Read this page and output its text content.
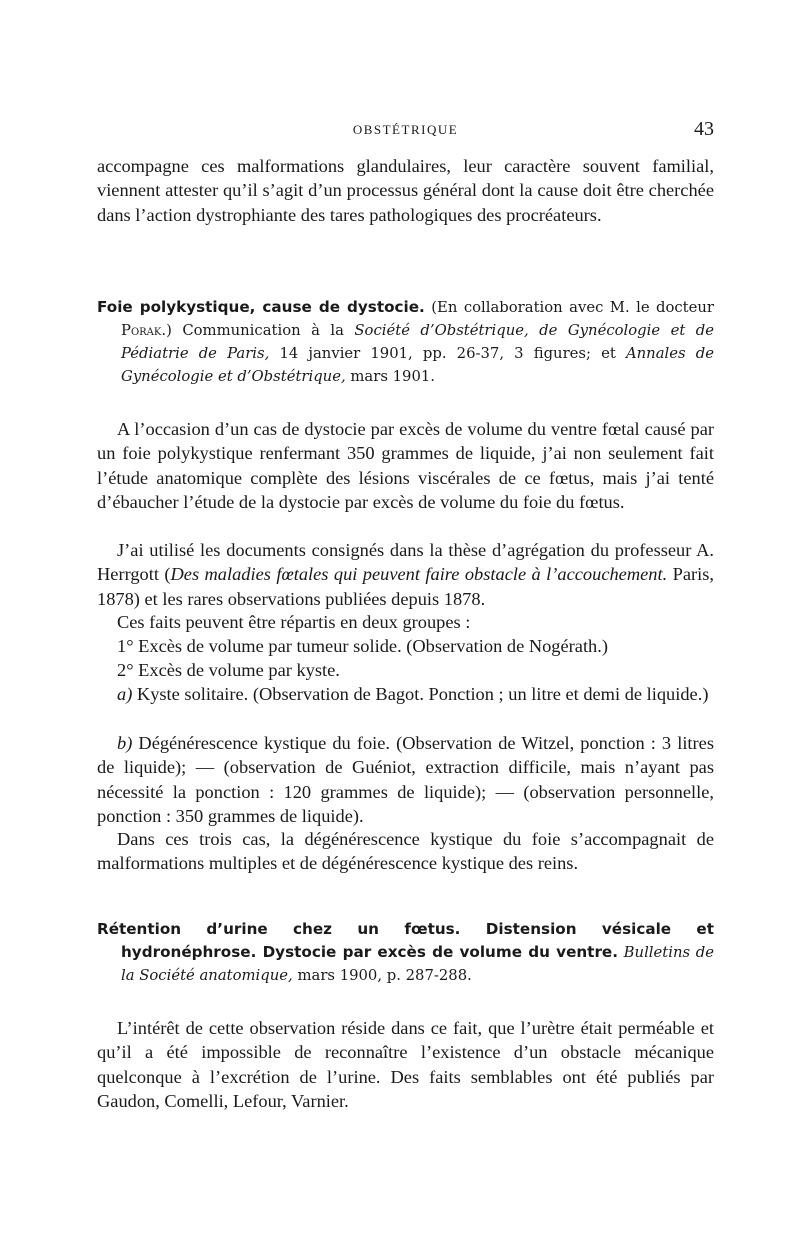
OBSTÉTRIQUE	43

accompagne ces malformations glandulaires, leur caractère souvent familial, viennent attester qu’il s’agit d’un processus général dont la cause doit être cherchée dans l’action dystrophiante des tares pathologiques des procréateurs.

Foie polykystique, cause de dystocie. (En collaboration avec M. le docteur Porak.) Communication à la Société d’Obstétrique, de Gynécologie et de Pédiatrie de Paris, 14 janvier 1901, pp. 26-37, 3 figures; et Annales de Gynécologie et d’Obstétrique, mars 1901.

A l’occasion d’un cas de dystocie par excès de volume du ventre fœtal causé par un foie polykystique renfermant 350 grammes de liquide, j’ai non seulement fait l’étude anatomique complète des lésions viscérales de ce fœtus, mais j’ai tenté d’ébaucher l’étude de la dystocie par excès de volume du foie du fœtus.

J’ai utilisé les documents consignés dans la thèse d’agrégation du professeur A. Herrgott (Des maladies fœtales qui peuvent faire obstacle à l’accouchement. Paris, 1878) et les rares observations publiées depuis 1878.

Ces faits peuvent être répartis en deux groupes :

1° Excès de volume par tumeur solide. (Observation de Nogérath.)

2° Excès de volume par kyste.

a) Kyste solitaire. (Observation de Bagot. Ponction ; un litre et demi de liquide.)

b) Dégénérescence kystique du foie. (Observation de Witzel, ponction : 3 litres de liquide); — (observation de Guéniot, extraction difficile, mais n’ayant pas nécessité la ponction : 120 grammes de liquide); — (observation personnelle, ponction : 350 grammes de liquide).

Dans ces trois cas, la dégénérescence kystique du foie s’accompagnait de malformations multiples et de dégénérescence kystique des reins.

Rétention d’urine chez un fœtus. Distension vésicale et hydronéphrose. Dystocie par excès de volume du ventre. Bulletins de la Société anatomique, mars 1900, p. 287-288.

L’intérêt de cette observation réside dans ce fait, que l’urètre était perméable et qu’il a été impossible de reconnaître l’existence d’un obstacle mécanique quelconque à l’excrétion de l’urine. Des faits semblables ont été publiés par Gaudon, Comelli, Lefour, Varnier.
